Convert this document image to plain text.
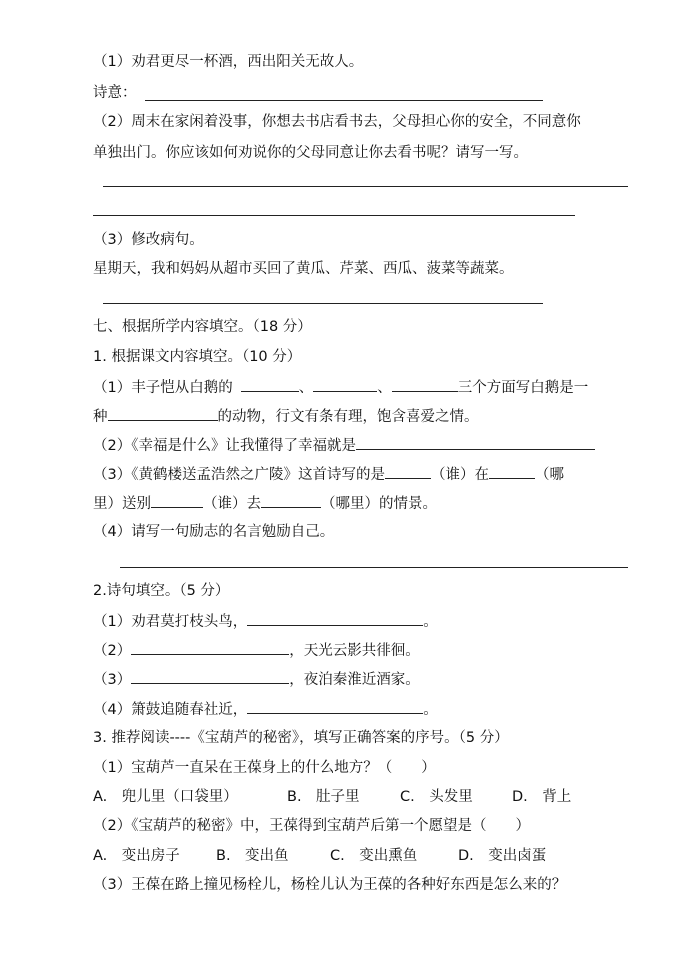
（1）劝君更尽一杯酒，西出阳关无故人。
诗意：
（2）周末在家闲着没事，你想去书店看书去，父母担心你的安全，不同意你
单独出门。你应该如何劝说你的父母同意让你去看书呢？请写一写。
（3）修改病句。
星期天，我和妈妈从超市买回了黄瓜、芹菜、西瓜、菠菜等蔬菜。
七、根据所学内容填空。（18 分）
1. 根据课文内容填空。（10 分）
（1）丰子恺从白鹅的	、	、	三个方面写白鹅是一
种	的动物，行文有条有理，饱含喜爱之情。
（2）《幸福是什么》让我懂得了幸福就是
（3）《黄鹤楼送孟浩然之广陵》这首诗写的是	（谁）在	（哪
里）送别	（谁）去	（哪里）的情景。
（4）请写一句励志的名言勉励自己。
2.诗句填空。（5 分）
（1）劝君莫打枝头鸟，	。
（2）	，天光云影共徘徊。
（3）	，夜泊秦淮近酒家。
（4）箫鼓追随春社近，	。
3. 推荐阅读----《宝葫芦的秘密》，填写正确答案的序号。（5 分）
（1）宝葫芦一直呆在王葆身上的什么地方？（　　）
A.　兜儿里（口袋里）	B.　肚子里	C.　头发里	D.　背上
（2）《宝葫芦的秘密》中，王葆得到宝葫芦后第一个愿望是（　　）
A.　变出房子 B.　变出鱼	C.　变出熏鱼	D.　变出卤蛋
（3）王葆在路上撞见杨栓儿，杨栓儿认为王葆的各种好东西是怎么来的？
